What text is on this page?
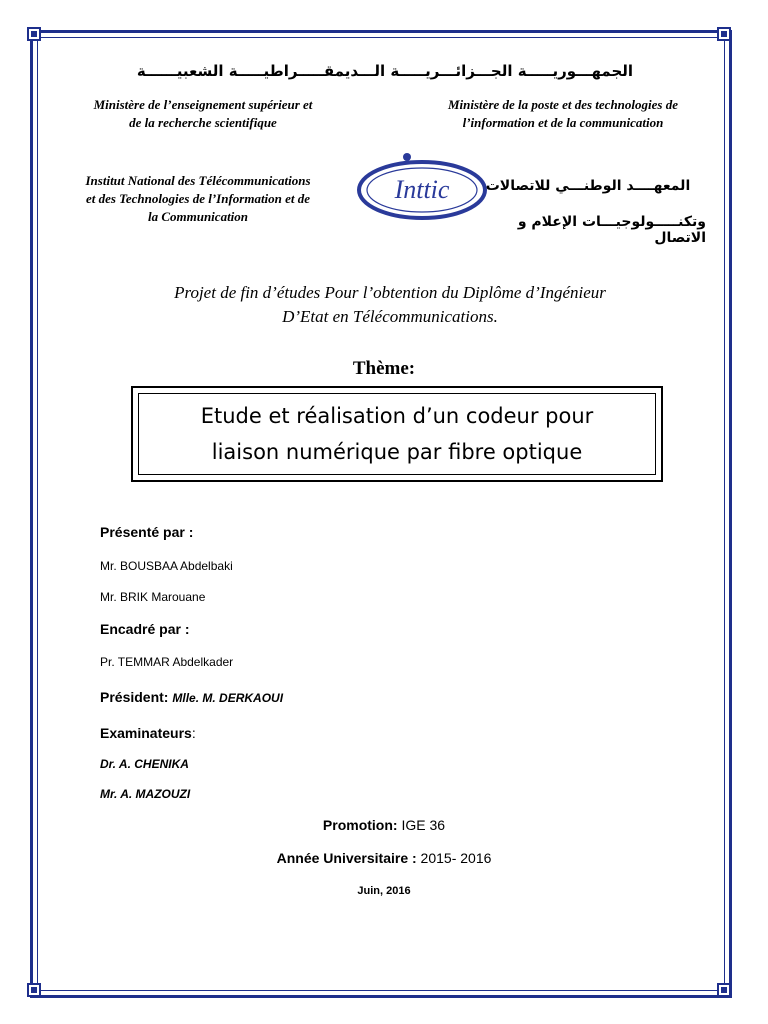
الجمهـــوريـــــة الجـــزائـــريـــــة الـــديمقـــــراطيـــــة الشعبيــــــة
Ministère de l’enseignement supérieur et
de la recherche scientifique
Ministère de la poste et des technologies de
l’information et de la communication
Institut National des Télécommunications
et des Technologies de l’Information et de
la Communication
Inttic	المعهــــد الوطنـــي للاتصالات
وتكنـــــولوجيـــات الإعلام و الاتصال
Projet de fin d’études Pour l’obtention du Diplôme d’Ingénieur
D’Etat en Télécommunications.
Thème:
Etude et réalisation d’un codeur pour
liaison numérique par fibre optique
Présenté par :
Mr. BOUSBAA Abdelbaki
Mr. BRIK Marouane
Encadré par :
Pr. TEMMAR Abdelkader
Président: Mlle. M. DERKAOUI
Examinateurs:
Dr. A. CHENIKA
Mr. A. MAZOUZI
Promotion: IGE 36
Année Universitaire : 2015- 2016
Juin, 2016
